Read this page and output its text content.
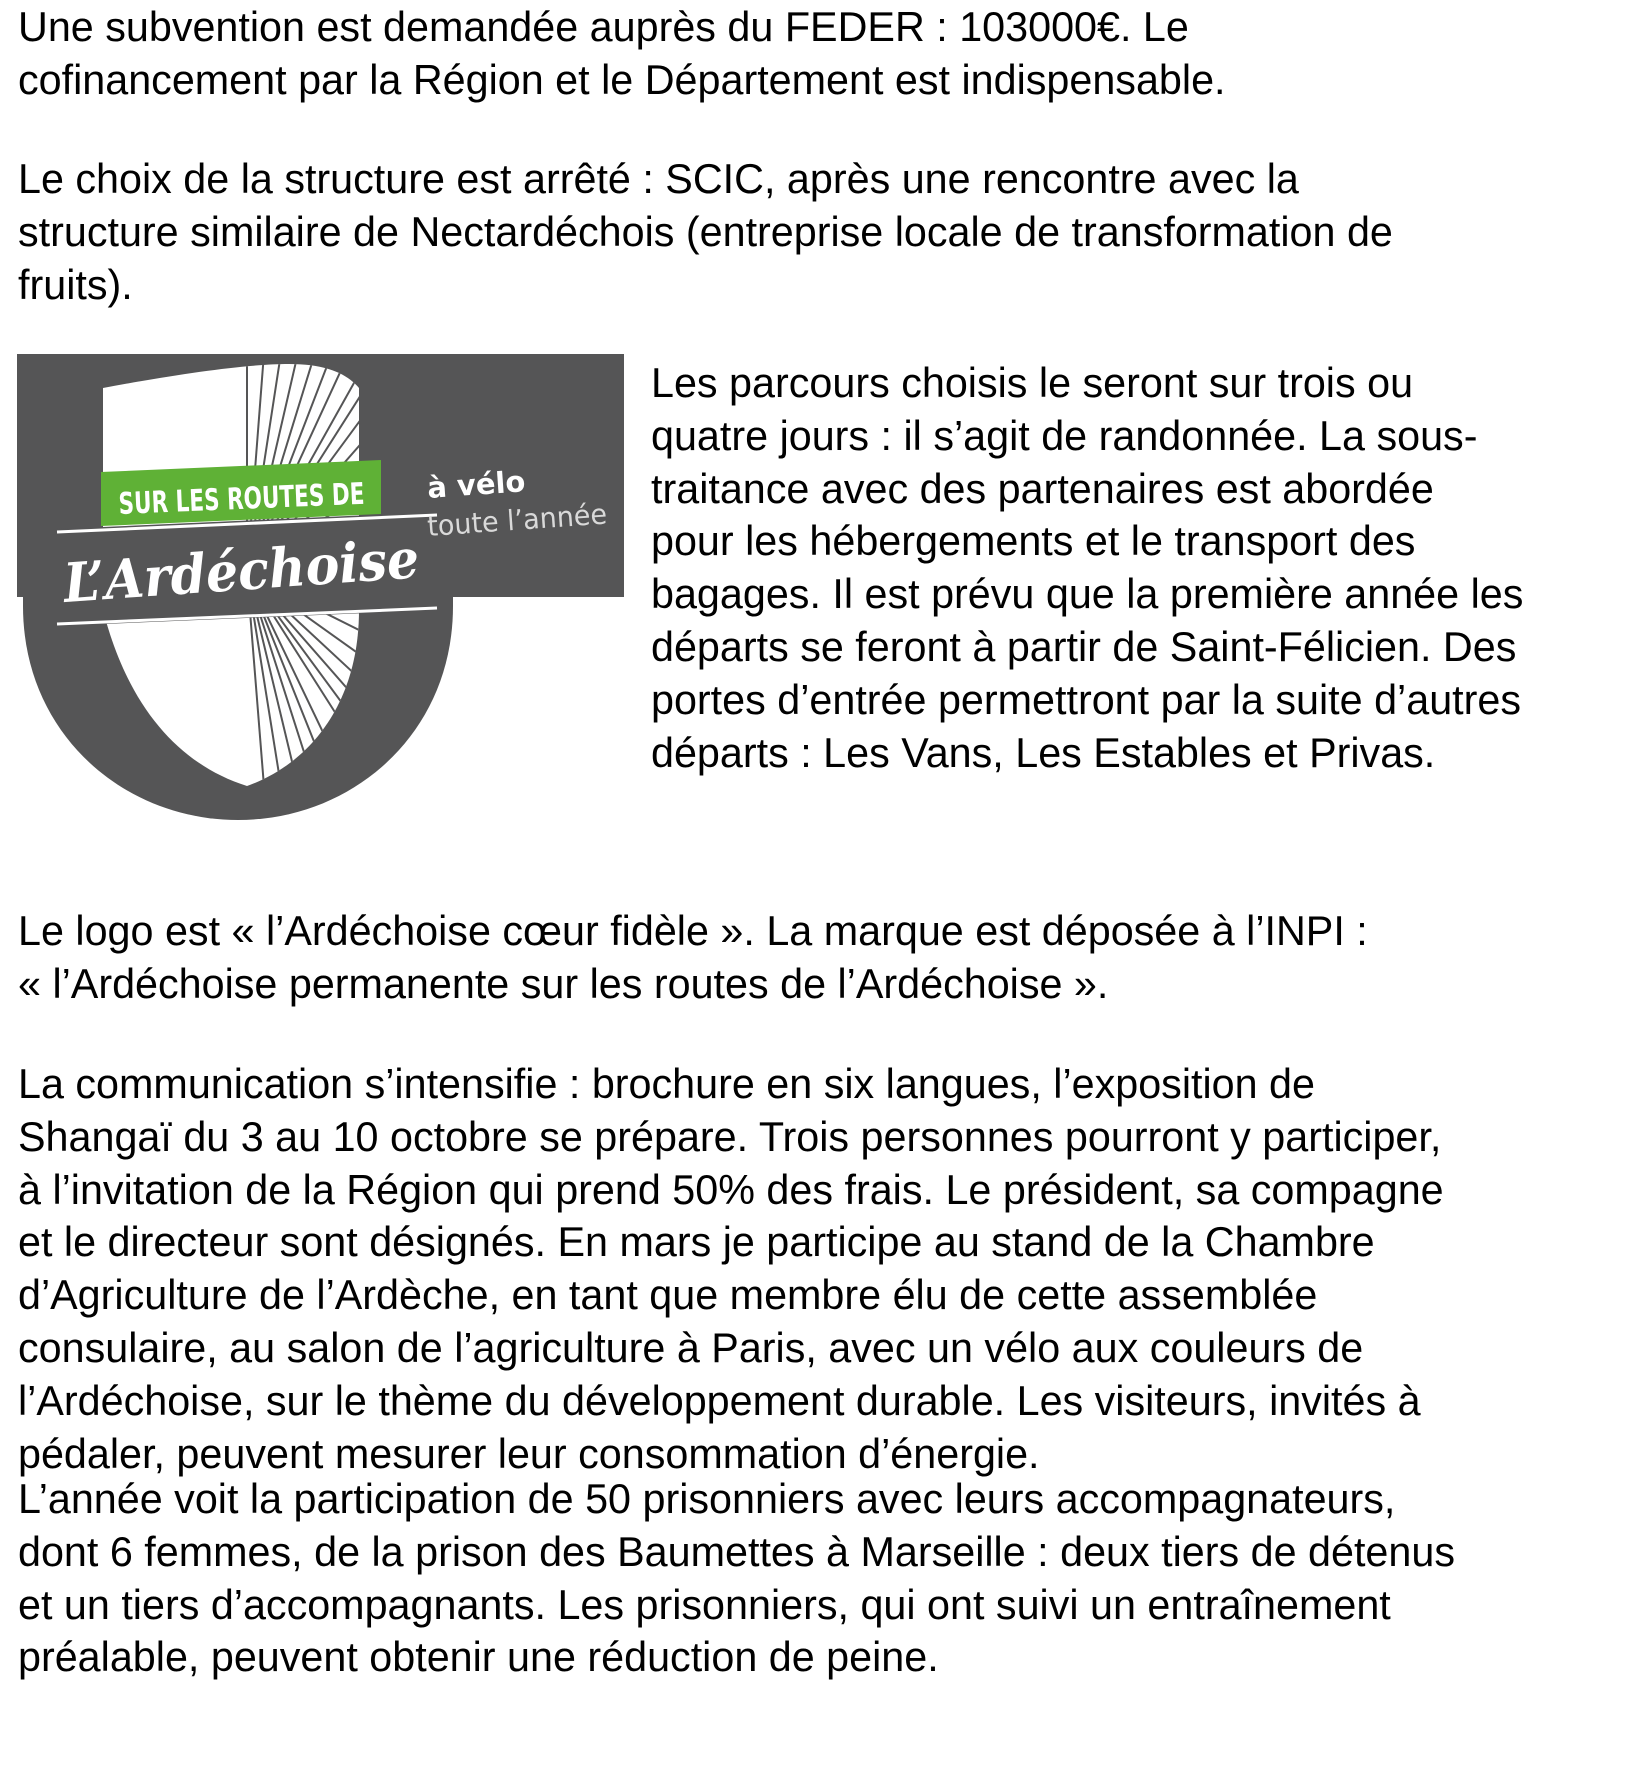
Une subvention est demandée auprès du FEDER : 103000€. Le
cofinancement par la Région et le Département est indispensable.
Le choix de la structure est arrêté : SCIC, après une rencontre avec la
structure similaire de Nectardéchois (entreprise locale de transformation de
fruits).
SUR LES ROUTES DE
L’Ardéchoise
à vélo
toute l’année
Les parcours choisis le seront sur trois ou
quatre jours : il s’agit de randonnée. La sous-
traitance avec des partenaires est abordée
pour les hébergements et le transport des
bagages. Il est prévu que la première année les
départs se feront à partir de Saint-Félicien. Des
portes d’entrée permettront par la suite d’autres
départs : Les Vans, Les Estables et Privas.
Le logo est « l’Ardéchoise cœur fidèle ». La marque est déposée à l’INPI :
« l’Ardéchoise permanente sur les routes de l’Ardéchoise ».
La communication s’intensifie : brochure en six langues, l’exposition de
Shangaï du 3 au 10 octobre se prépare. Trois personnes pourront y participer,
à l’invitation de la Région qui prend 50% des frais. Le président, sa compagne
et le directeur sont désignés. En mars je participe au stand de la Chambre
d’Agriculture de l’Ardèche, en tant que membre élu de cette assemblée
consulaire, au salon de l’agriculture à Paris, avec un vélo aux couleurs de
l’Ardéchoise, sur le thème du développement durable. Les visiteurs, invités à
pédaler, peuvent mesurer leur consommation d’énergie.
L’année voit la participation de 50 prisonniers avec leurs accompagnateurs,
dont 6 femmes, de la prison des Baumettes à Marseille : deux tiers de détenus
et un tiers d’accompagnants. Les prisonniers, qui ont suivi un entraînement
préalable, peuvent obtenir une réduction de peine.
